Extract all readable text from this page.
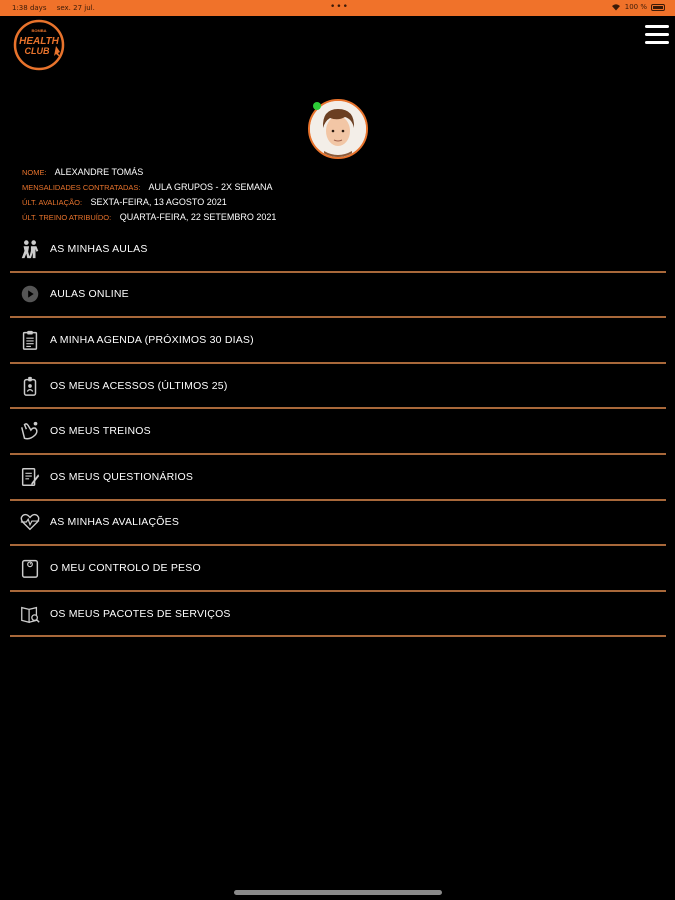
1:38 days sex. 27 jul.	•••	100 %
BOMBA
HEALTH
CLUB
NOME: ALEXANDRE TOMÁS
MENSALIDADES CONTRATADAS: AULA GRUPOS - 2X SEMANA
ÚLT. AVALIAÇÃO: SEXTA-FEIRA, 13 AGOSTO 2021
ÚLT. TREINO ATRIBUÍDO: QUARTA-FEIRA, 22 SETEMBRO 2021
AS MINHAS AULAS
AULAS ONLINE
A MINHA AGENDA (PRÓXIMOS 30 DIAS)
OS MEUS ACESSOS (ÚLTIMOS 25)
OS MEUS TREINOS
OS MEUS QUESTIONÁRIOS
AS MINHAS AVALIAÇÕES
O MEU CONTROLO DE PESO
OS MEUS PACOTES DE SERVIÇOS
